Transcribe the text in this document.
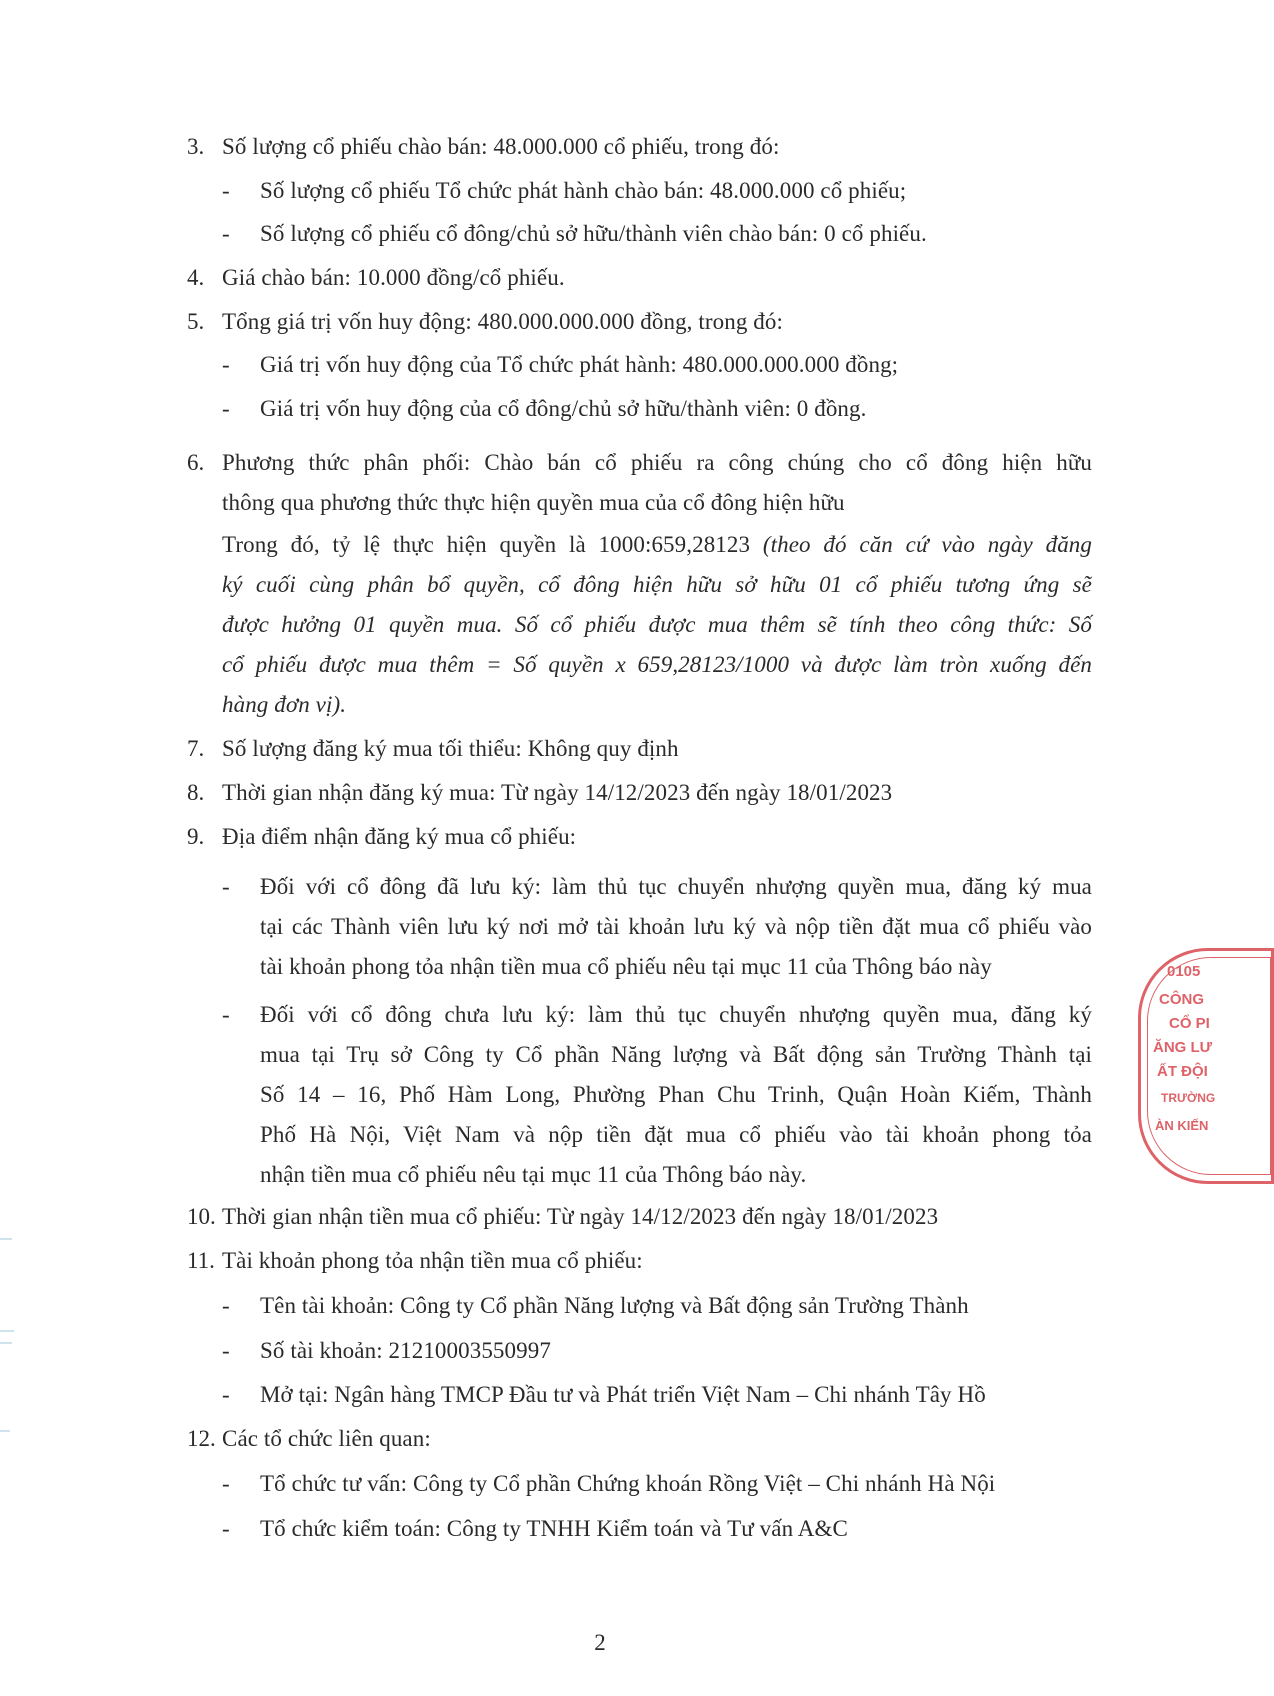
3. Số lượng cổ phiếu chào bán: 48.000.000 cổ phiếu, trong đó:
- Số lượng cổ phiếu Tổ chức phát hành chào bán: 48.000.000 cổ phiếu;
- Số lượng cổ phiếu cổ đông/chủ sở hữu/thành viên chào bán: 0 cổ phiếu.
4. Giá chào bán: 10.000 đồng/cổ phiếu.
5. Tổng giá trị vốn huy động: 480.000.000.000 đồng, trong đó:
- Giá trị vốn huy động của Tổ chức phát hành: 480.000.000.000 đồng;
- Giá trị vốn huy động của cổ đông/chủ sở hữu/thành viên: 0 đồng.
6. Phương thức phân phối: Chào bán cổ phiếu ra công chúng cho cổ đông hiện hữu
thông qua phương thức thực hiện quyền mua của cổ đông hiện hữu
Trong đó, tỷ lệ thực hiện quyền là 1000:659,28123 (theo đó căn cứ vào ngày đăng
ký cuối cùng phân bổ quyền, cổ đông hiện hữu sở hữu 01 cổ phiếu tương ứng sẽ
được hưởng 01 quyền mua. Số cổ phiếu được mua thêm sẽ tính theo công thức: Số
cổ phiếu được mua thêm = Số quyền x 659,28123/1000 và được làm tròn xuống đến
hàng đơn vị).
7. Số lượng đăng ký mua tối thiểu: Không quy định
8. Thời gian nhận đăng ký mua: Từ ngày 14/12/2023 đến ngày 18/01/2023
9. Địa điểm nhận đăng ký mua cổ phiếu:
- Đối với cổ đông đã lưu ký: làm thủ tục chuyển nhượng quyền mua, đăng ký mua
tại các Thành viên lưu ký nơi mở tài khoản lưu ký và nộp tiền đặt mua cổ phiếu vào
tài khoản phong tỏa nhận tiền mua cổ phiếu nêu tại mục 11 của Thông báo này
- Đối với cổ đông chưa lưu ký: làm thủ tục chuyển nhượng quyền mua, đăng ký
mua tại Trụ sở Công ty Cổ phần Năng lượng và Bất động sản Trường Thành tại
Số 14 – 16, Phố Hàm Long, Phường Phan Chu Trinh, Quận Hoàn Kiếm, Thành
Phố Hà Nội, Việt Nam và nộp tiền đặt mua cổ phiếu vào tài khoản phong tỏa
nhận tiền mua cổ phiếu nêu tại mục 11 của Thông báo này.
10. Thời gian nhận tiền mua cổ phiếu: Từ ngày 14/12/2023 đến ngày 18/01/2023
11. Tài khoản phong tỏa nhận tiền mua cổ phiếu:
- Tên tài khoản: Công ty Cổ phần Năng lượng và Bất động sản Trường Thành
- Số tài khoản: 21210003550997
- Mở tại: Ngân hàng TMCP Đầu tư và Phát triển Việt Nam – Chi nhánh Tây Hồ
12. Các tổ chức liên quan:
- Tổ chức tư vấn: Công ty Cổ phần Chứng khoán Rồng Việt – Chi nhánh Hà Nội
- Tổ chức kiểm toán: Công ty TNHH Kiểm toán và Tư vấn A&C
2
0105
CÔNG
CỔ PI
ĂNG LƯ
ẤT ĐỘI
TRƯỜNG
ÀN KIẾN
